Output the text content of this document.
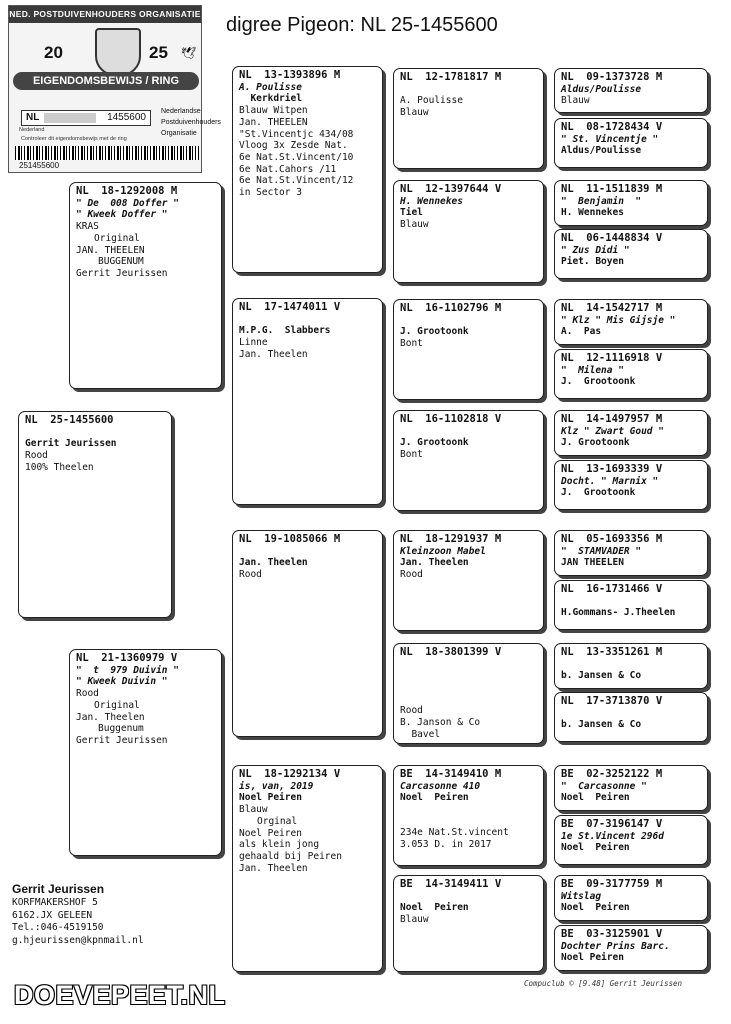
digree Pigeon: NL 25-1455600
NED. POSTDUIVENHOUDERS ORGANISATIE
20	25 🕊
EIGENDOMSBEWIJS / RING
NL	1455600
Nederlandse
Postduivenhouders
Organisatie
Nederland
Controleer dit eigendomsbewijs met de ring
251455600
NL  25-1455600
Gerrit Jeurissen
Rood
100% Theelen
NL  18-1292008 M
" De  008 Doffer "
" Kweek Doffer "
KRAS
Original
JAN. THEELEN
BUGGENUM
Gerrit Jeurissen
NL  21-1360979 V
"  t  979 Duivin "
" Kweek Duivin "
Rood
Original
Jan. Theelen
Buggenum
Gerrit Jeurissen
NL  13-1393896 M
A. Poulisse
Kerkdriel
Blauw Witpen
Jan. THEELEN
"St.Vincentjc 434/08
Vloog 3x Zesde Nat.
6e Nat.St.Vincent/10
6e Nat.Cahors /11
6e Nat.St.Vincent/12
in Sector 3
NL  17-1474011 V
M.P.G.  Slabbers
Linne
Jan. Theelen
NL  19-1085066 M
Jan. Theelen
Rood
NL  18-1292134 V
is, van, 2019
Noel Peiren
Blauw
Orginal
Noel Peiren
als klein jong
gehaald bij Peiren
Jan. Theelen
NL  12-1781817 M
A. Poulisse
Blauw
NL  12-1397644 V
H. Wennekes
Tiel
Blauw
NL  16-1102796 M
J. Grootoonk
Bont
NL  16-1102818 V
J. Grootoonk
Bont
NL  18-1291937 M
Kleinzoon Mabel
Jan. Theelen
Rood
NL  18-3801399 V
Rood
B. Janson & Co
Bavel
BE  14-3149410 M
Carcasonne 410
Noel  Peiren
234e Nat.St.vincent
3.053 D. in 2017
BE  14-3149411 V
Noel  Peiren
Blauw
NL  09-1373728 M
Aldus/Poulisse
Blauw
NL  08-1728434 V
" St. Vincentje "
Aldus/Poulisse
NL  11-1511839 M
"  Benjamin  "
H. Wennekes
NL  06-1448834 V
" Zus Didi "
Piet. Boyen
NL  14-1542717 M
" Klz " Mis Gijsje "
A.  Pas
NL  12-1116918 V
"  Milena "
J.  Grootoonk
NL  14-1497957 M
Klz " Zwart Goud "
J. Grootoonk
NL  13-1693339 V
Docht. " Marnix "
J.  Grootoonk
NL  05-1693356 M
"  STAMVADER "
JAN THEELEN
NL  16-1731466 V
H.Gommans- J.Theelen
NL  13-3351261 M
b. Jansen & Co
NL  17-3713870 V
b. Jansen & Co
BE  02-3252122 M
"  Carcasonne "
Noel  Peiren
BE  07-3196147 V
1e St.Vincent 296d
Noel  Peiren
BE  09-3177759 M
Witslag
Noel  Peiren
BE  03-3125901 V
Dochter Prins Barc.
Noel Peiren
Gerrit Jeurissen
KORFMAKERSHOF 5
6162.JX GELEEN
Tel.:046-4519150
g.hjeurissen@kpnmail.nl
Compuclub © [9.48] Gerrit Jeurissen
DOEVEPEET.NL
